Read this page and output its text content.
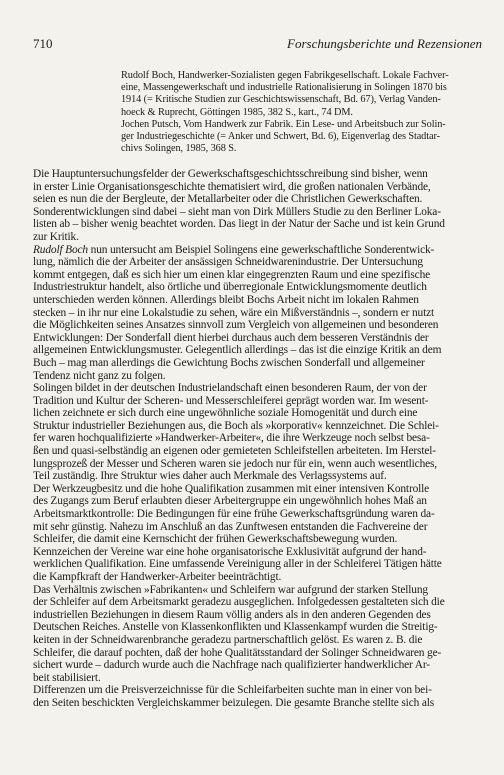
710	Forschungsberichte und Rezensionen
Rudolf Boch, Handwerker-Sozialisten gegen Fabrikgesellschaft. Lokale Fachver-
eine, Massengewerkschaft und industrielle Rationalisierung in Solingen 1870 bis
1914 (= Kritische Studien zur Geschichtswissenschaft, Bd. 67), Verlag Vanden-
hoeck & Ruprecht, Göttingen 1985, 382 S., kart., 74 DM.
Jochen Putsch, Vom Handwerk zur Fabrik. Ein Lese- und Arbeitsbuch zur Solin-
ger Industriegeschichte (= Anker und Schwert, Bd. 6), Eigenverlag des Stadtar-
chivs Solingen, 1985, 368 S.
Die Hauptuntersuchungsfelder der Gewerkschaftsgeschichtsschreibung sind bisher, wenn
in erster Linie Organisationsgeschichte thematisiert wird, die großen nationalen Verbände,
seien es nun die der Bergleute, der Metallarbeiter oder die Christlichen Gewerkschaften.
Sonderentwicklungen sind dabei – sieht man von Dirk Müllers Studie zu den Berliner Loka-
listen ab – bisher wenig beachtet worden. Das liegt in der Natur der Sache und ist kein Grund
zur Kritik.
Rudolf Boch nun untersucht am Beispiel Solingens eine gewerkschaftliche Sonderentwick-
lung, nämlich die der Arbeiter der ansässigen Schneidwarenindustrie. Der Untersuchung
kommt entgegen, daß es sich hier um einen klar eingegrenzten Raum und eine spezifische
Industriestruktur handelt, also örtliche und überregionale Entwicklungsmomente deutlich
unterschieden werden können. Allerdings bleibt Bochs Arbeit nicht im lokalen Rahmen
stecken – in ihr nur eine Lokalstudie zu sehen, wäre ein Mißverständnis –, sondern er nutzt
die Möglichkeiten seines Ansatzes sinnvoll zum Vergleich von allgemeinen und besonderen
Entwicklungen: Der Sonderfall dient hierbei durchaus auch dem besseren Verständnis der
allgemeinen Entwicklungsmuster. Gelegentlich allerdings – das ist die einzige Kritik an dem
Buch – mag man allerdings die Gewichtung Bochs zwischen Sonderfall und allgemeiner
Tendenz nicht ganz zu folgen.
Solingen bildet in der deutschen Industrielandschaft einen besonderen Raum, der von der
Tradition und Kultur der Scheren- und Messerschleiferei geprägt worden war. Im wesent-
lichen zeichnete er sich durch eine ungewöhnliche soziale Homogenität und durch eine
Struktur industrieller Beziehungen aus, die Boch als »korporativ« kennzeichnet. Die Schlei-
fer waren hochqualifizierte »Handwerker-Arbeiter«, die ihre Werkzeuge noch selbst besa-
ßen und quasi-selbständig an eigenen oder gemieteten Schleifstellen arbeiteten. Im Herstel-
lungsprozeß der Messer und Scheren waren sie jedoch nur für ein, wenn auch wesentliches,
Teil zuständig. Ihre Struktur wies daher auch Merkmale des Verlagssystems auf.
Der Werkzeugbesitz und die hohe Qualifikation zusammen mit einer intensiven Kontrolle
des Zugangs zum Beruf erlaubten dieser Arbeitergruppe ein ungewöhnlich hohes Maß an
Arbeitsmarktkontrolle: Die Bedingungen für eine frühe Gewerkschaftsgründung waren da-
mit sehr günstig. Nahezu im Anschluß an das Zunftwesen entstanden die Fachvereine der
Schleifer, die damit eine Kernschicht der frühen Gewerkschaftsbewegung wurden.
Kennzeichen der Vereine war eine hohe organisatorische Exklusivität aufgrund der hand-
werklichen Qualifikation. Eine umfassende Vereinigung aller in der Schleiferei Tätigen hätte
die Kampfkraft der Handwerker-Arbeiter beeinträchtigt.
Das Verhältnis zwischen »Fabrikanten« und Schleifern war aufgrund der starken Stellung
der Schleifer auf dem Arbeitsmarkt geradezu ausgeglichen. Infolgedessen gestalteten sich die
industriellen Beziehungen in diesem Raum völlig anders als in den anderen Gegenden des
Deutschen Reiches. Anstelle von Klassenkonflikten und Klassenkampf wurden die Streitig-
keiten in der Schneidwarenbranche geradezu partnerschaftlich gelöst. Es waren z. B. die
Schleifer, die darauf pochten, daß der hohe Qualitätsstandard der Solinger Schneidwaren ge-
sichert wurde – dadurch wurde auch die Nachfrage nach qualifizierter handwerklicher Ar-
beit stabilisiert.
Differenzen um die Preisverzeichnisse für die Schleifarbeiten suchte man in einer von bei-
den Seiten beschickten Vergleichskammer beizulegen. Die gesamte Branche stellte sich als
